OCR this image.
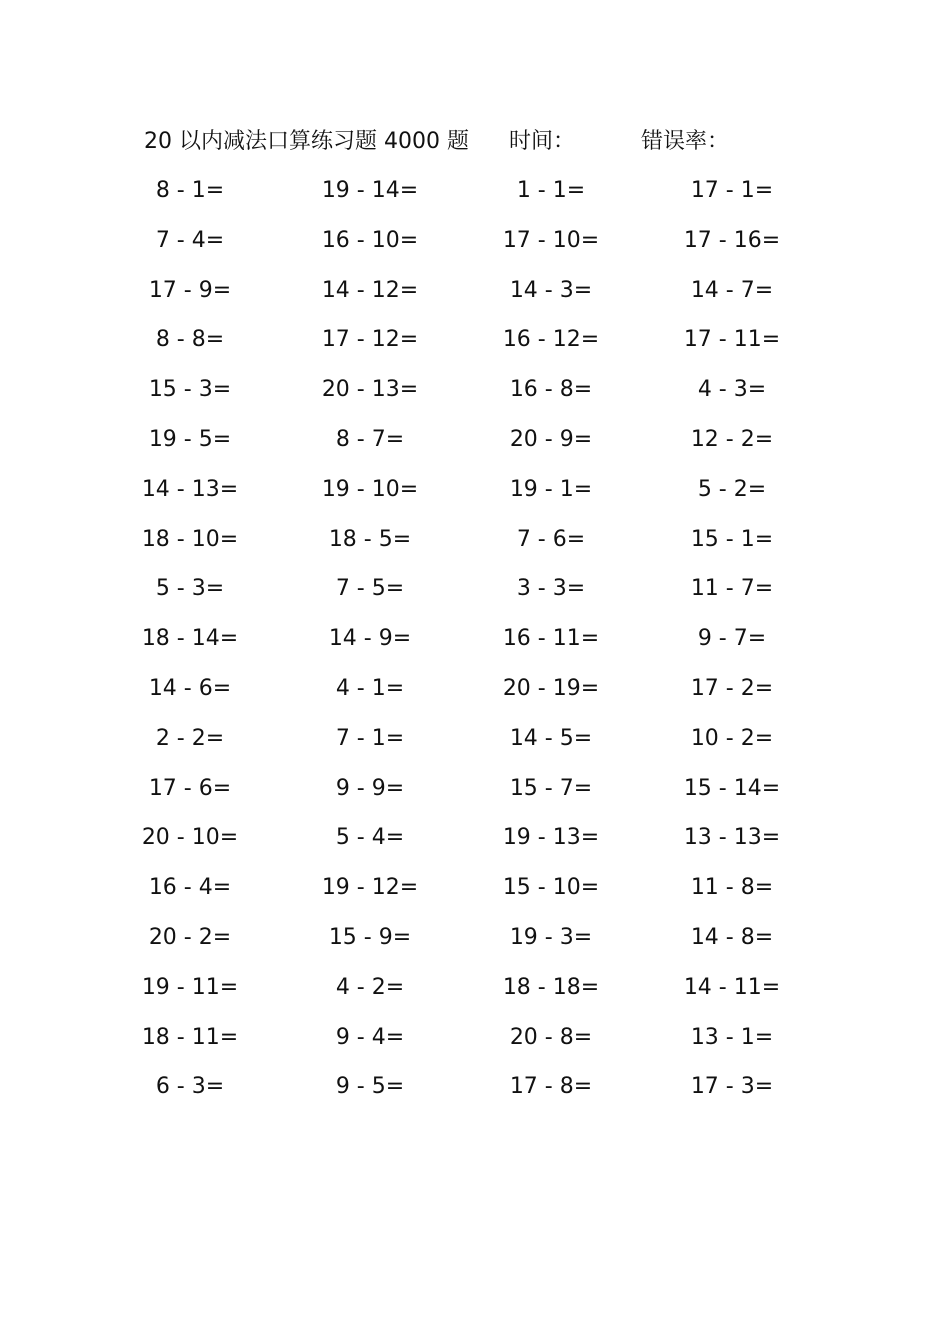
20 以内减法口算练习题 4000 题 时间：	错误率：
8 - 1=	19 - 14=	1 - 1=	17 - 1=
7 - 4=	16 - 10=	17 - 10=	17 - 16=
17 - 9=	14 - 12=	14 - 3=	14 - 7=
8 - 8=	17 - 12=	16 - 12=	17 - 11=
15 - 3=	20 - 13=	16 - 8=	4 - 3=
19 - 5=	8 - 7=	20 - 9=	12 - 2=
14 - 13=	19 - 10=	19 - 1=	5 - 2=
18 - 10=	18 - 5=	7 - 6=	15 - 1=
5 - 3=	7 - 5=	3 - 3=	11 - 7=
18 - 14=	14 - 9=	16 - 11=	9 - 7=
14 - 6=	4 - 1=	20 - 19=	17 - 2=
2 - 2=	7 - 1=	14 - 5=	10 - 2=
17 - 6=	9 - 9=	15 - 7=	15 - 14=
20 - 10=	5 - 4=	19 - 13=	13 - 13=
16 - 4=	19 - 12=	15 - 10=	11 - 8=
20 - 2=	15 - 9=	19 - 3=	14 - 8=
19 - 11=	4 - 2=	18 - 18=	14 - 11=
18 - 11=	9 - 4=	20 - 8=	13 - 1=
6 - 3=	9 - 5=	17 - 8=	17 - 3=
